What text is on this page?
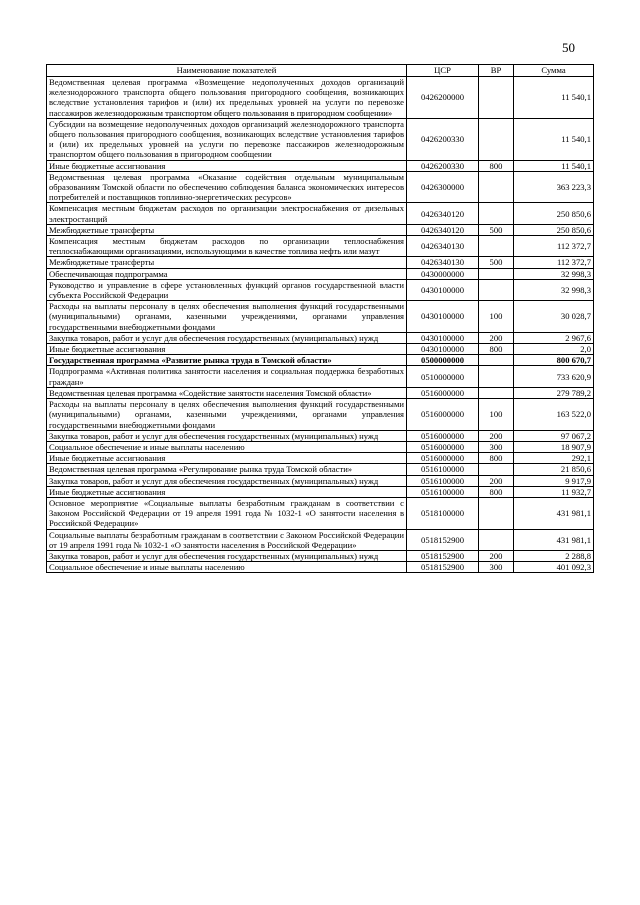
50
Наименование показателей	ЦСР	ВР	Сумма
Ведомственная целевая программа «Возмещение недополученных доходов организаций железнодорожного транспорта общего пользования пригородного сообщения, возникающих вследствие установления тарифов и (или) их предельных уровней на услуги по перевозке пассажиров железнодорожным транспортом общего пользования в пригородном сообщении»	0426200000		11 540,1
Субсидии на возмещение недополученных доходов организаций железнодорожного транспорта общего пользования пригородного сообщения, возникающих вследствие установления тарифов и (или) их предельных уровней на услуги по перевозке пассажиров железнодорожным транспортом общего пользования в пригородном сообщении	0426200330		11 540,1
Иные бюджетные ассигнования	0426200330	800	11 540,1
Ведомственная целевая программа «Оказание содействия отдельным муниципальным образованиям Томской области по обеспечению соблюдения баланса экономических интересов потребителей и поставщиков топливно-энергетических ресурсов»	0426300000		363 223,3
Компенсация местным бюджетам расходов по организации электроснабжения от дизельных электростанций	0426340120		250 850,6
Межбюджетные трансферты	0426340120	500	250 850,6
Компенсация местным бюджетам расходов по организации теплоснабжения теплоснабжающими организациями, использующими в качестве топлива нефть или мазут	0426340130		112 372,7
Межбюджетные трансферты	0426340130	500	112 372,7
Обеспечивающая подпрограмма	0430000000		32 998,3
Руководство и управление в сфере установленных функций органов государственной власти субъекта Российской Федерации	0430100000		32 998,3
Расходы на выплаты персоналу в целях обеспечения выполнения функций государственными (муниципальными) органами, казенными учреждениями, органами управления государственными внебюджетными фондами	0430100000	100	30 028,7
Закупка товаров, работ и услуг для обеспечения государственных (муниципальных) нужд	0430100000	200	2 967,6
Иные бюджетные ассигнования	0430100000	800	2,0
Государственная программа «Развитие рынка труда в Томской области»	0500000000		800 670,7
Подпрограмма «Активная политика занятости населения и социальная поддержка безработных граждан»	0510000000		733 620,9
Ведомственная целевая программа «Содействие занятости населения Томской области»	0516000000		279 789,2
Расходы на выплаты персоналу в целях обеспечения выполнения функций государственными (муниципальными) органами, казенными учреждениями, органами управления государственными внебюджетными фондами	0516000000	100	163 522,0
Закупка товаров, работ и услуг для обеспечения государственных (муниципальных) нужд	0516000000	200	97 067,2
Социальное обеспечение и иные выплаты населению	0516000000	300	18 907,9
Иные бюджетные ассигнования	0516000000	800	292,1
Ведомственная целевая программа «Регулирование рынка труда Томской области»	0516100000		21 850,6
Закупка товаров, работ и услуг для обеспечения государственных (муниципальных) нужд	0516100000	200	9 917,9
Иные бюджетные ассигнования	0516100000	800	11 932,7
Основное мероприятие «Социальные выплаты безработным гражданам в соответствии с Законом Российской Федерации от 19 апреля 1991 года № 1032-1 «О занятости населения в Российской Федерации»	0518100000		431 981,1
Социальные выплаты безработным гражданам в соответствии с Законом Российской Федерации от 19 апреля 1991 года № 1032-1 «О занятости населения в Российской Федерации»	0518152900		431 981,1
Закупка товаров, работ и услуг для обеспечения государственных (муниципальных) нужд	0518152900	200	2 288,8
Социальное обеспечение и иные выплаты населению	0518152900	300	401 092,3
